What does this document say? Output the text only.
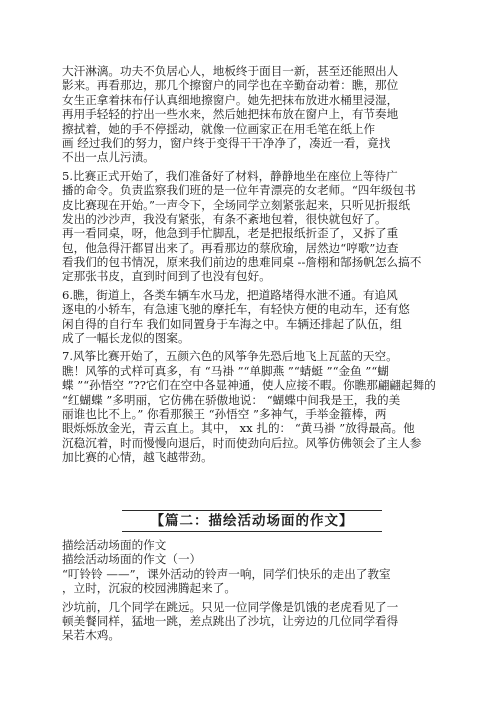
大汗淋漓。功夫不负居心人，地板终于面目一新，甚至还能照出人
影来。再看那边，那几个擦窗户的同学也在辛勤奋动着：瞧，那位
女生正拿着抹布仔认真细地擦窗户。她先把抹布放进水桶里浸湿，
再用手轻轻的拧出一些水来，然后她把抹布放在窗户上，有节奏地
擦拭着，她的手不停揺动，就像一位画家正在用毛笔在纸上作
画 经过我们的努力，窗户终于变得干干净净了，凑近一看，竟找
不出一点儿污渍。
5.比赛正式开始了，我们准备好了材料，静静地坐在座位上等待广
播的命令。负责监察我们班的是一位年青漂亮的女老师。“四年级包书
皮比赛现在开始。”一声令下，全场同学立刻紧张起来，只听见折报纸
发出的沙沙声，我没有紧张，有条不紊地包着，很快就包好了。
再一看同桌，呀，他急到手忙脚乱，老是把报纸折歪了，又拆了重
包，他急得汗都冒出来了。再看那边的蔡欣瑜，居然边“哼歌”边查
看我们的包书情况，原来我们前边的患难同桌 --詹栩和郜扬帆怎么搞不
定那张书皮，直到时间到了也没有包好。
6.瞧，街道上，各类车辆车水马龙，把道路堵得水泄不通。有追风
逐电的小轿车，有急速飞驰的摩托车，有轻快方便的电动车，还有悠
闲自得的自行车 我们如同置身于车海之中。车辆还排起了队伍，组
成了一幅长龙似的图案。
7.风筝比赛开始了，五颜六色的风筝争先恐后地飞上瓦蓝的天空。
瞧！风筝的式样可真多，有 “马褂 ”“单脚燕 ”“蜻蜓 ”“金鱼 ”“蝴
蝶 ”“孙悟空 ”??它们在空中各显神通，使人应接不暇。你瞧那翩翩起舞的
“红蝴蝶 ”多明丽，它仿佛在骄傲地说： “蝴蝶中间我是王，我的美
丽谁也比不上。” 你看那猴王 “孙悟空 ”多神气，手举金箍棒，两
眼烁烁放金光，青云直上。其中， xx 扎的： “黄马褂 ”放得最高。他
沉稳沉着，时而慢慢向退后，时而使劲向后拉。风筝仿佛领会了主人参
加比赛的心情，越飞越带劲。
【篇二：描绘活动场面的作文】
描绘活动场面的作文
描绘活动场面的作文（一）
“叮铃铃 ——”，课外活动的铃声一响，同学们快乐的走出了教室
，立时，沉寂的校园沸腾起来了。
沙坑前，几个同学在跳远。只见一位同学像是饥饿的老虎看见了一
顿美餐同样，猛地一跳，差点跳出了沙坑，让旁边的几位同学看得
呆若木鸡。
